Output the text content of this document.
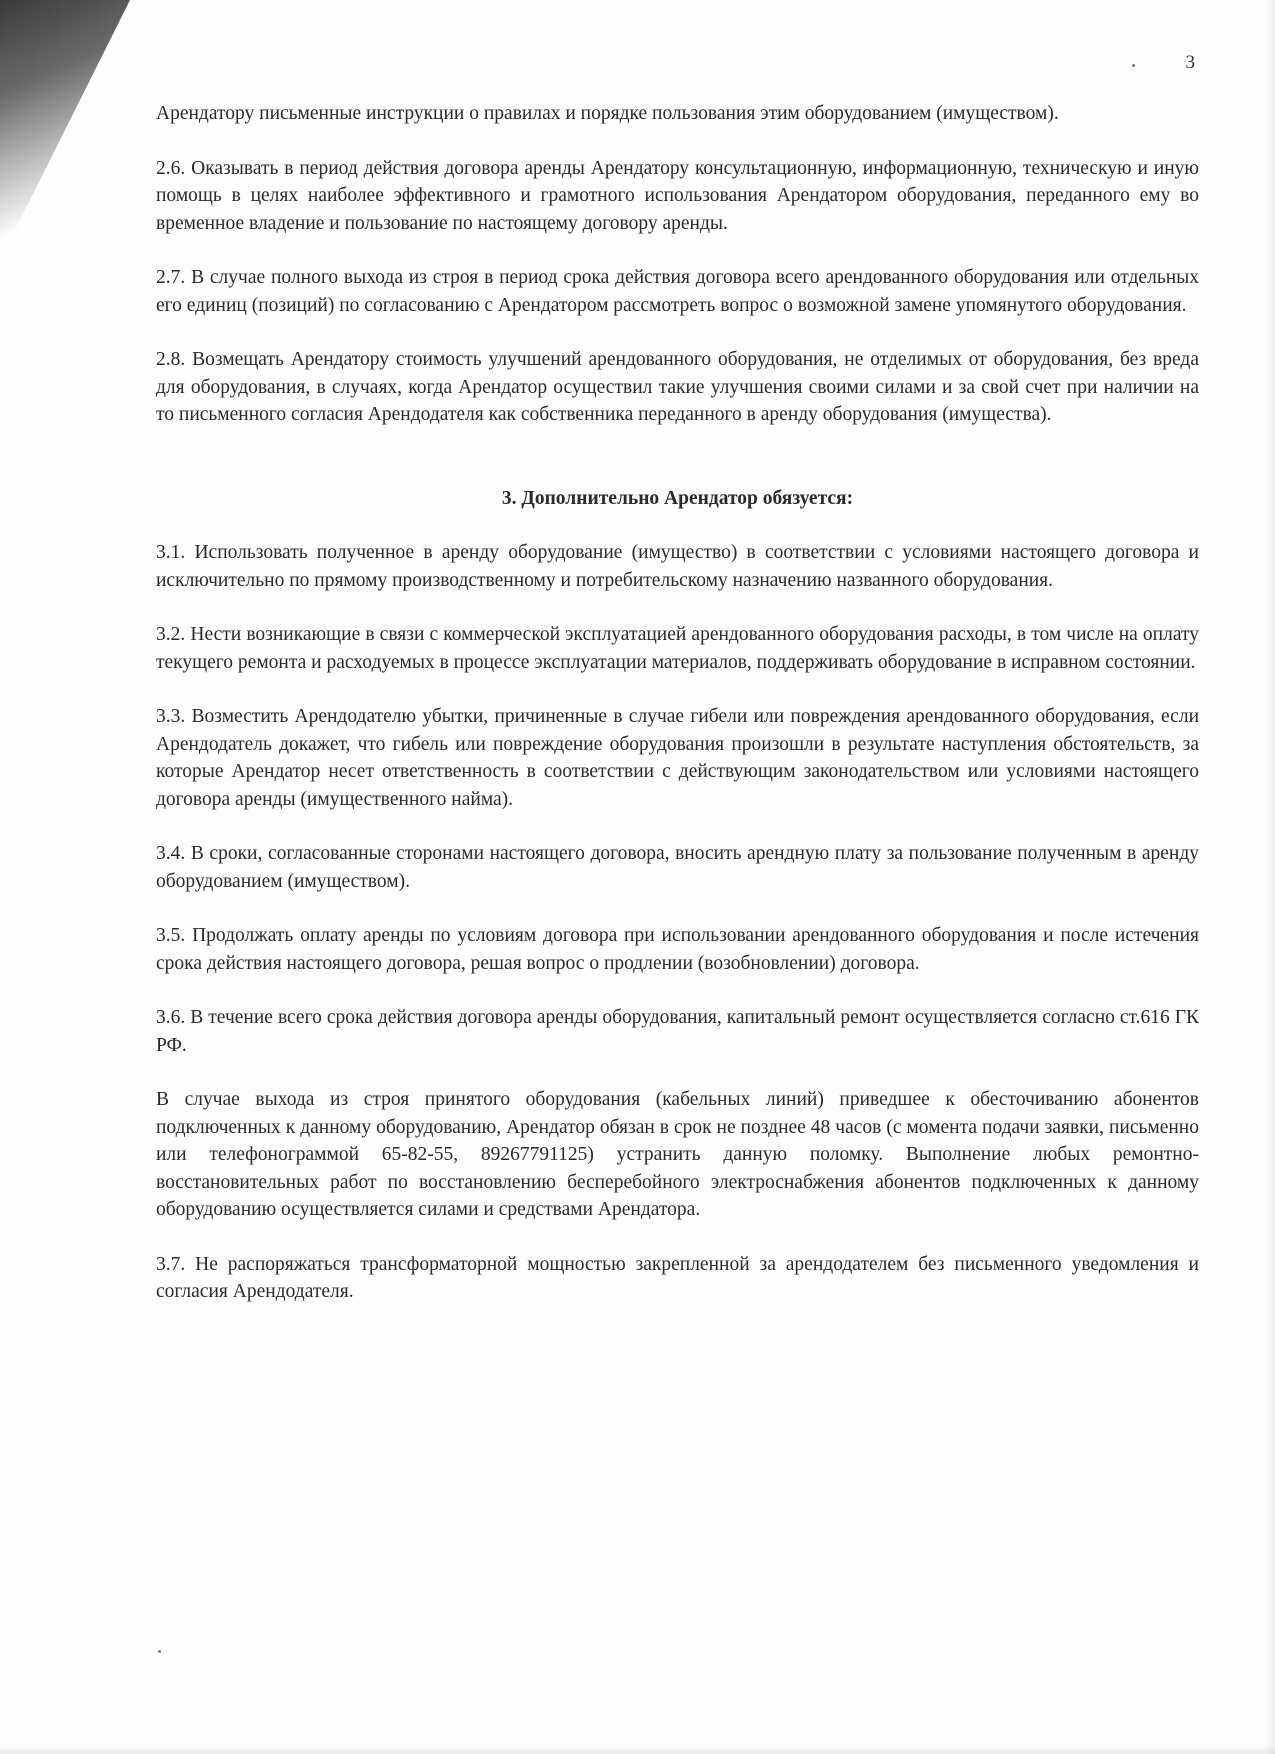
3

Арендатору письменные инструкции о правилах и порядке пользования этим оборудованием (имуществом).

2.6. Оказывать в период действия договора аренды Арендатору консультационную, информационную, техническую и иную помощь в целях наиболее эффективного и грамотного использования Арендатором оборудования, переданного ему во временное владение и пользование по настоящему договору аренды.

2.7. В случае полного выхода из строя в период срока действия договора всего арендованного оборудования или отдельных его единиц (позиций) по согласованию с Арендатором рассмотреть вопрос о возможной замене упомянутого оборудования.

2.8. Возмещать Арендатору стоимость улучшений арендованного оборудования, не отделимых от оборудования, без вреда для оборудования, в случаях, когда Арендатор осуществил такие улучшения своими силами и за свой счет при наличии на то письменного согласия Арендодателя как собственника переданного в аренду оборудования (имущества).

3. Дополнительно Арендатор обязуется:

3.1. Использовать полученное в аренду оборудование (имущество) в соответствии с условиями настоящего договора и исключительно по прямому производственному и потребительскому назначению названного оборудования.

3.2. Нести возникающие в связи с коммерческой эксплуатацией арендованного оборудования расходы, в том числе на оплату текущего ремонта и расходуемых в процессе эксплуатации материалов, поддерживать оборудование в исправном состоянии.

3.3. Возместить Арендодателю убытки, причиненные в случае гибели или повреждения арендованного оборудования, если Арендодатель докажет, что гибель или повреждение оборудования произошли в результате наступления обстоятельств, за которые Арендатор несет ответственность в соответствии с действующим законодательством или условиями настоящего договора аренды (имущественного найма).

3.4. В сроки, согласованные сторонами настоящего договора, вносить арендную плату за пользование полученным в аренду оборудованием (имуществом).

3.5. Продолжать оплату аренды по условиям договора при использовании арендованного оборудования и после истечения срока действия настоящего договора, решая вопрос о продлении (возобновлении) договора.

3.6. В течение всего срока действия договора аренды оборудования, капитальный ремонт осуществляется согласно ст.616 ГК РФ.

В случае выхода из строя принятого оборудования (кабельных линий) приведшее к обесточиванию абонентов подключенных к данному оборудованию, Арендатор обязан в срок не позднее 48 часов (с момента подачи заявки, письменно или телефонограммой 65-82-55, 89267791125) устранить данную поломку. Выполнение любых ремонтно-восстановительных работ по восстановлению бесперебойного электроснабжения абонентов подключенных к данному оборудованию осуществляется силами и средствами Арендатора.

3.7. Не распоряжаться трансформаторной мощностью закрепленной за арендодателем без письменного уведомления и согласия Арендодателя.
